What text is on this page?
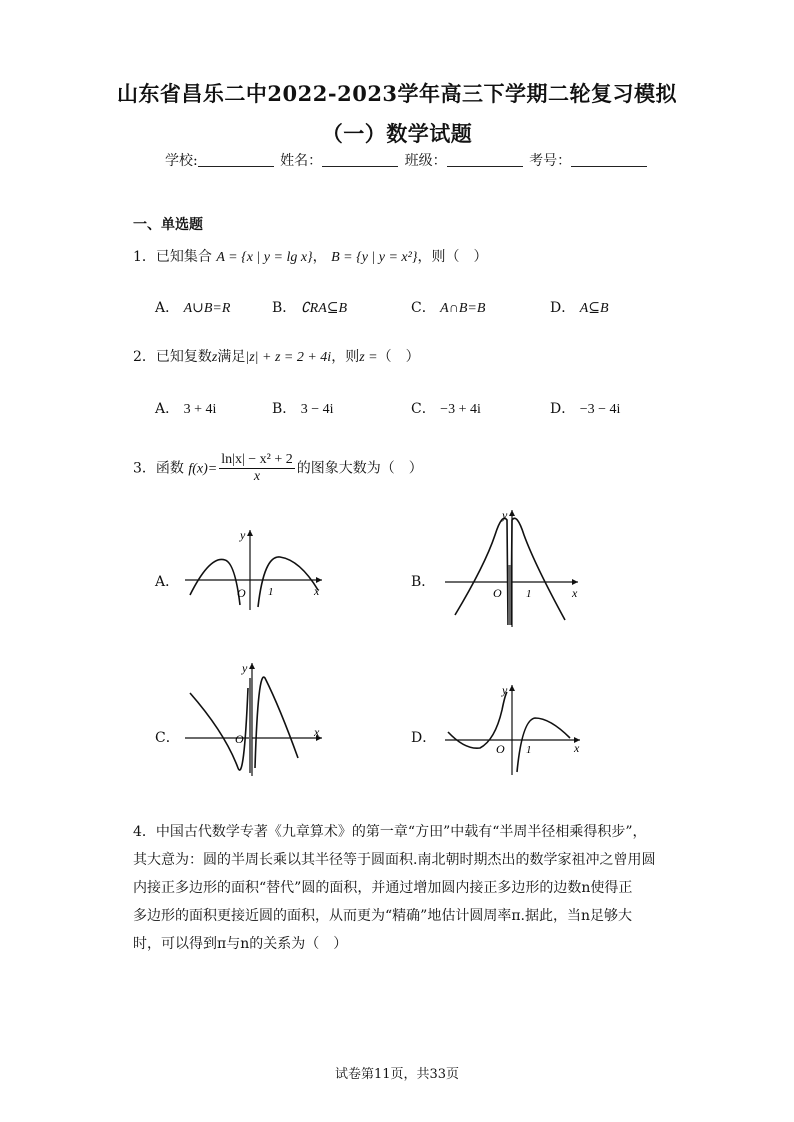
山东省昌乐二中2022-2023学年高三下学期二轮复习模拟
（一）数学试题
学校:	姓名：	班级：	考号：
一、单选题
1．已知集合 A = {x | y = lg x}， B = {y | y = x²}，则（　）
A． A∪B=R	B． ∁RA⊆B	C． A∩B=B	D． A⊆B
2．已知复数z满足|z| + z = 2 + 4i，则z =（　）
A． 3 + 4i	B． 3 − 4i	C． −3 + 4i	D． −3 − 4i
3．函数 $f(x)= \frac{\text{ln|x| − x² + 2}}{x}$ 的图象大数为（　）
A．	B．
C．	D．
y
x
O 1
y
x
O 1
y
x
O
y
x
O 1
4．中国古代数学专著《九章算术》的第一章“方田”中载有“半周半径相乘得积步”，
其大意为：圆的半周长乘以其半径等于圆面积.南北朝时期杰出的数学家祖冲之曾用圆
内接正多边形的面积“替代”圆的面积，并通过增加圆内接正多边形的边数n使得正
多边形的面积更接近圆的面积，从而更为“精确”地估计圆周率π.据此，当n足够大
时，可以得到π与n的关系为（　）
试卷第11页，共33页
